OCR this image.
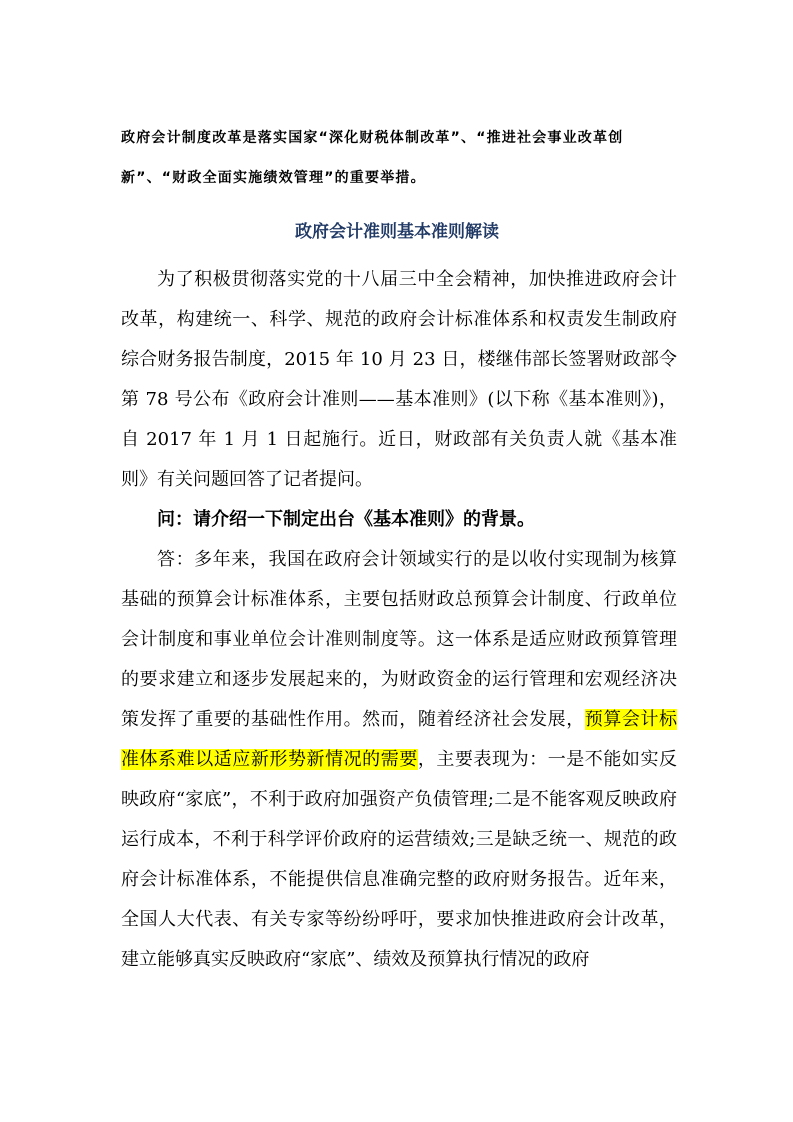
政府会计制度改革是落实国家“深化财税体制改革”、“推进社会事业改革创新”、“财政全面实施绩效管理”的重要举措。

政府会计准则基本准则解读

为了积极贯彻落实党的十八届三中全会精神，加快推进政府会计改革，构建统一、科学、规范的政府会计标准体系和权责发生制政府综合财务报告制度，2015 年 10 月 23 日，楼继伟部长签署财政部令第 78 号公布《政府会计准则——基本准则》(以下称《基本准则》)，自 2017 年 1 月 1 日起施行。近日，财政部有关负责人就《基本准则》有关问题回答了记者提问。

问：请介绍一下制定出台《基本准则》的背景。

答：多年来，我国在政府会计领域实行的是以收付实现制为核算基础的预算会计标准体系，主要包括财政总预算会计制度、行政单位会计制度和事业单位会计准则制度等。这一体系是适应财政预算管理的要求建立和逐步发展起来的，为财政资金的运行管理和宏观经济决策发挥了重要的基础性作用。然而，随着经济社会发展，预算会计标准体系难以适应新形势新情况的需要，主要表现为：一是不能如实反映政府“家底”，不利于政府加强资产负债管理;二是不能客观反映政府运行成本，不利于科学评价政府的运营绩效;三是缺乏统一、规范的政府会计标准体系，不能提供信息准确完整的政府财务报告。近年来，全国人大代表、有关专家等纷纷呼吁，要求加快推进政府会计改革，建立能够真实反映政府“家底”、绩效及预算执行情况的政府
